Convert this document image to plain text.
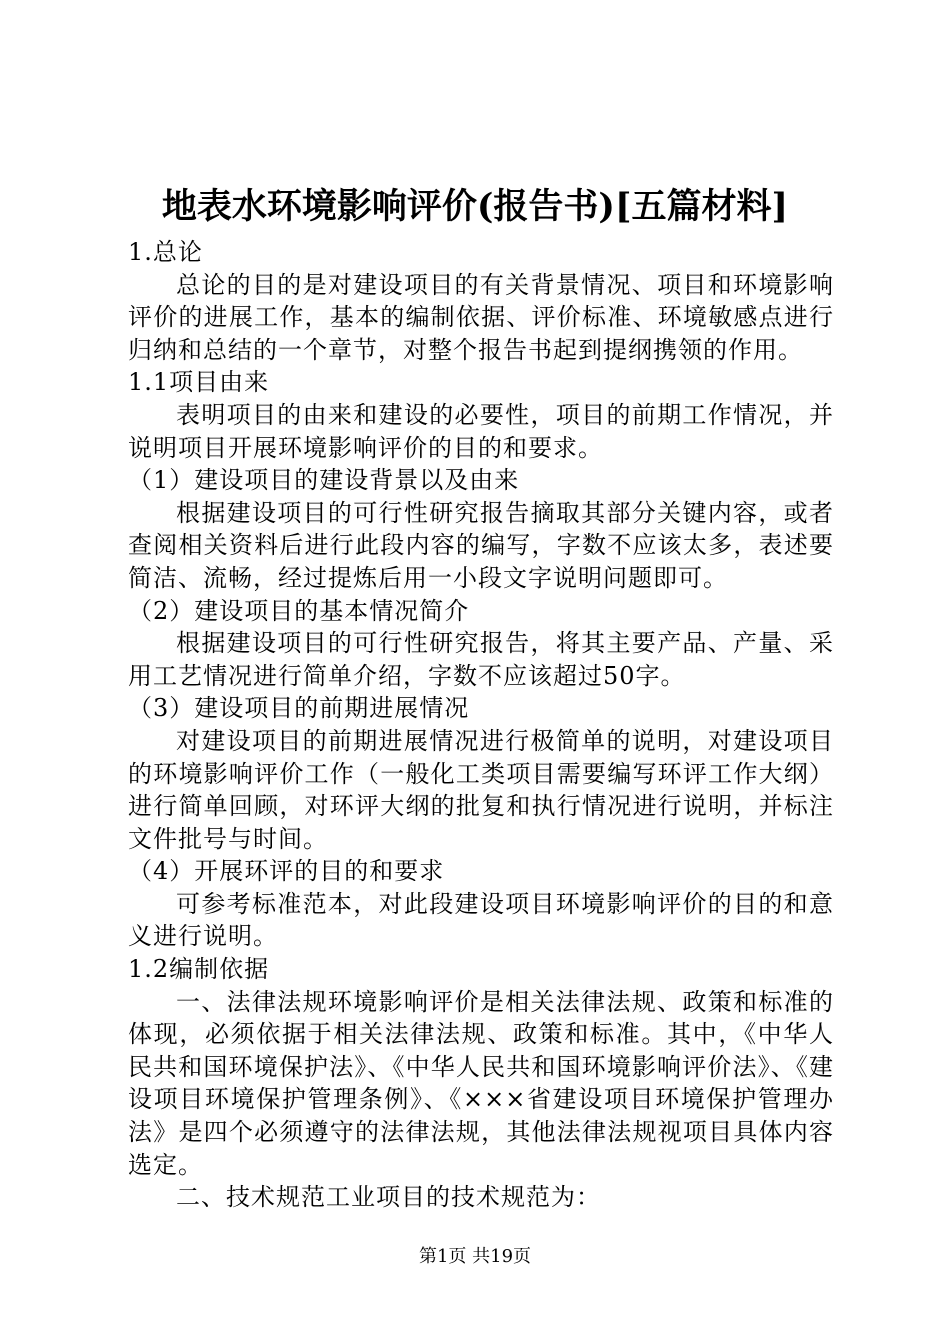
地表水环境影响评价(报告书)[五篇材料]

1.总论

总论的目的是对建设项目的有关背景情况、项目和环境影响评价的进展工作，基本的编制依据、评价标准、环境敏感点进行归纳和总结的一个章节，对整个报告书起到提纲携领的作用。

1.1项目由来

表明项目的由来和建设的必要性，项目的前期工作情况，并说明项目开展环境影响评价的目的和要求。

（1）建设项目的建设背景以及由来

根据建设项目的可行性研究报告摘取其部分关键内容，或者查阅相关资料后进行此段内容的编写，字数不应该太多，表述要简洁、流畅，经过提炼后用一小段文字说明问题即可。

（2）建设项目的基本情况简介

根据建设项目的可行性研究报告，将其主要产品、产量、采用工艺情况进行简单介绍，字数不应该超过50字。

（3）建设项目的前期进展情况

对建设项目的前期进展情况进行极简单的说明，对建设项目的环境影响评价工作（一般化工类项目需要编写环评工作大纲）进行简单回顾，对环评大纲的批复和执行情况进行说明，并标注文件批号与时间。

（4）开展环评的目的和要求

可参考标准范本，对此段建设项目环境影响评价的目的和意义进行说明。

1.2编制依据

一、法律法规环境影响评价是相关法律法规、政策和标准的体现，必须依据于相关法律法规、政策和标准。其中，《中华人民共和国环境保护法》、《中华人民共和国环境影响评价法》、《建设项目环境保护管理条例》、《×××省建设项目环境保护管理办法》是四个必须遵守的法律法规，其他法律法规视项目具体内容选定。

二、技术规范工业项目的技术规范为：

第1页 共19页
